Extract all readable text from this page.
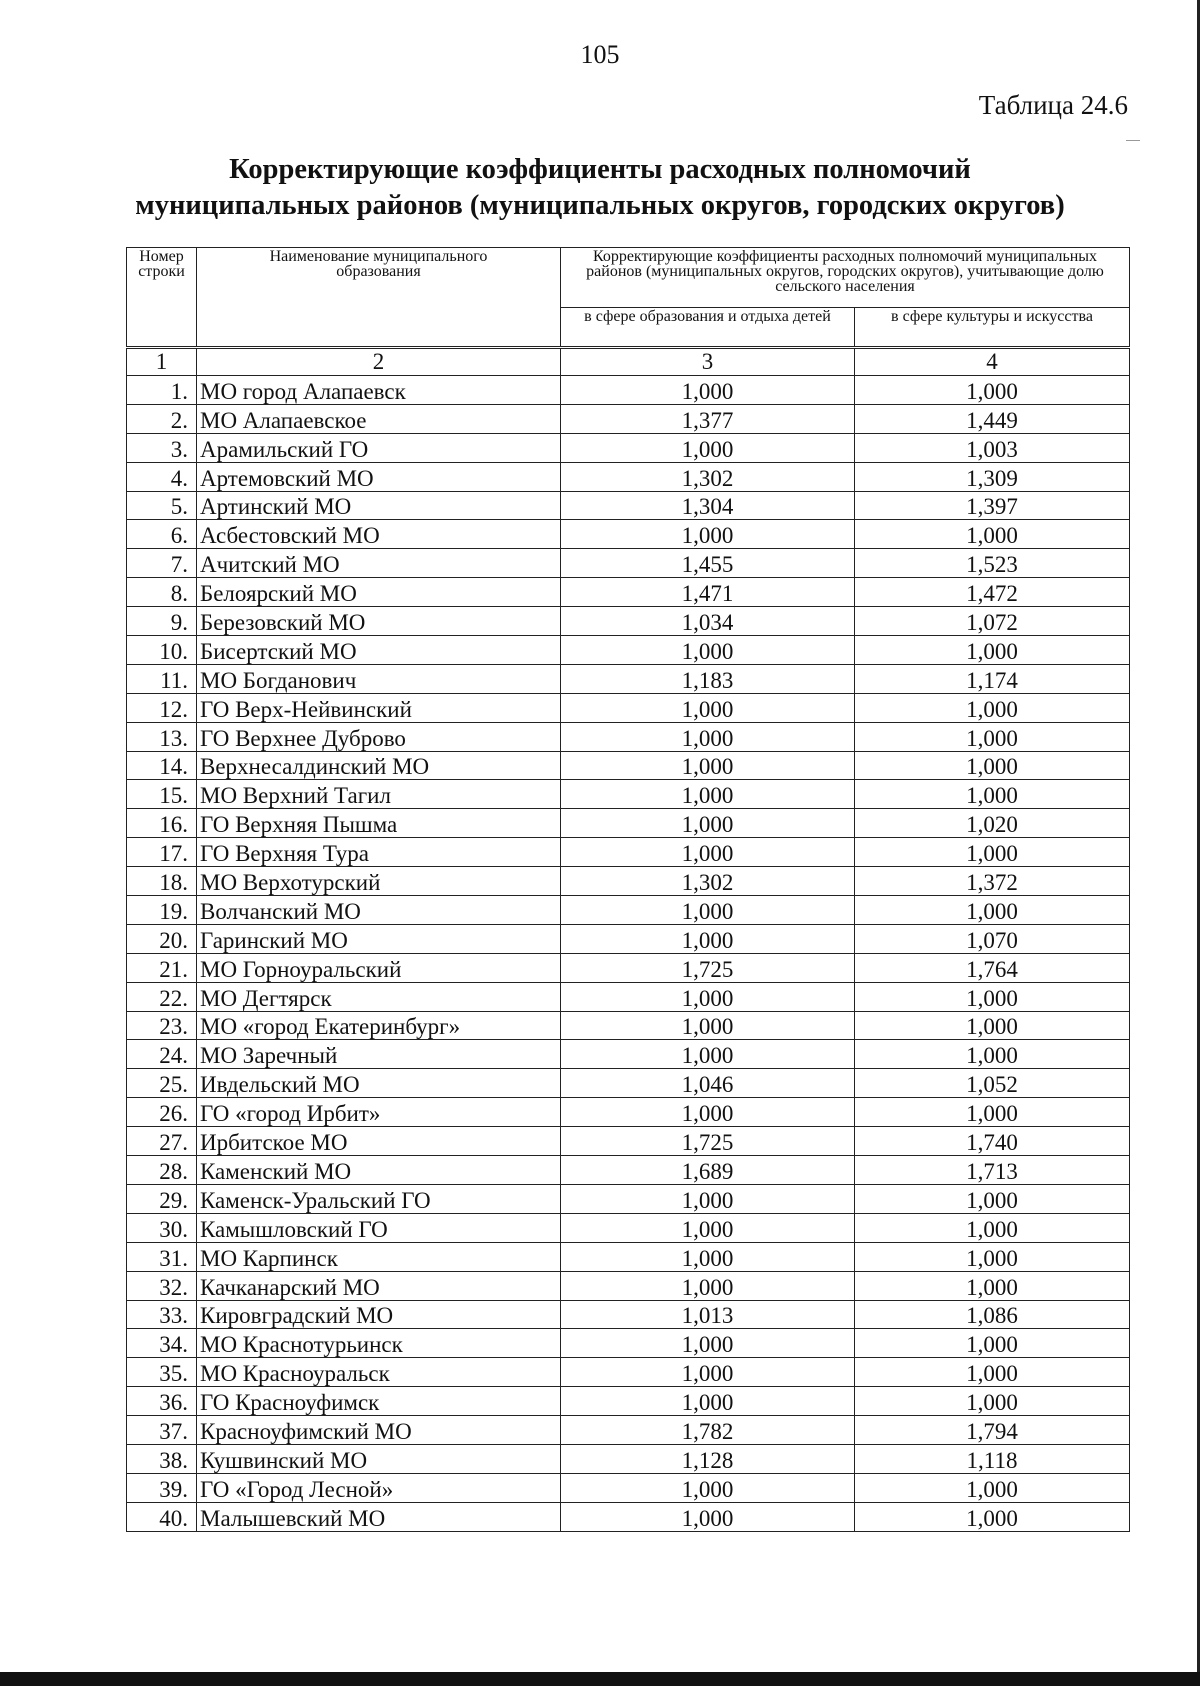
105
Таблица 24.6
Корректирующие коэффициенты расходных полномочий
муниципальных районов (муниципальных округов, городских округов)
Номер строки	Наименование муниципального образования	Корректирующие коэффициенты расходных полномочий муниципальных районов (муниципальных округов, городских округов), учитывающие долю сельского населения	
		в сфере образования и отдыха детей	в сфере культуры и искусства
1	2	3	4
1.	МО город Алапаевск	1,000	1,000
2.	МО Алапаевское	1,377	1,449
3.	Арамильский ГО	1,000	1,003
4.	Артемовский МО	1,302	1,309
5.	Артинский МО	1,304	1,397
6.	Асбестовский МО	1,000	1,000
7.	Ачитский МО	1,455	1,523
8.	Белоярский МО	1,471	1,472
9.	Березовский МО	1,034	1,072
10.	Бисертский МО	1,000	1,000
11.	МО Богданович	1,183	1,174
12.	ГО Верх-Нейвинский	1,000	1,000
13.	ГО Верхнее Дуброво	1,000	1,000
14.	Верхнесалдинский МО	1,000	1,000
15.	МО Верхний Тагил	1,000	1,000
16.	ГО Верхняя Пышма	1,000	1,020
17.	ГО Верхняя Тура	1,000	1,000
18.	МО Верхотурский	1,302	1,372
19.	Волчанский МО	1,000	1,000
20.	Гаринский МО	1,000	1,070
21.	МО Горноуральский	1,725	1,764
22.	МО Дегтярск	1,000	1,000
23.	МО «город Екатеринбург»	1,000	1,000
24.	МО Заречный	1,000	1,000
25.	Ивдельский МО	1,046	1,052
26.	ГО «город Ирбит»	1,000	1,000
27.	Ирбитское МО	1,725	1,740
28.	Каменский МО	1,689	1,713
29.	Каменск-Уральский ГО	1,000	1,000
30.	Камышловский ГО	1,000	1,000
31.	МО Карпинск	1,000	1,000
32.	Качканарский МО	1,000	1,000
33.	Кировградский МО	1,013	1,086
34.	МО Краснотурьинск	1,000	1,000
35.	МО Красноуральск	1,000	1,000
36.	ГО Красноуфимск	1,000	1,000
37.	Красноуфимский МО	1,782	1,794
38.	Кушвинский МО	1,128	1,118
39.	ГО «Город Лесной»	1,000	1,000
40.	Малышевский МО	1,000	1,000
